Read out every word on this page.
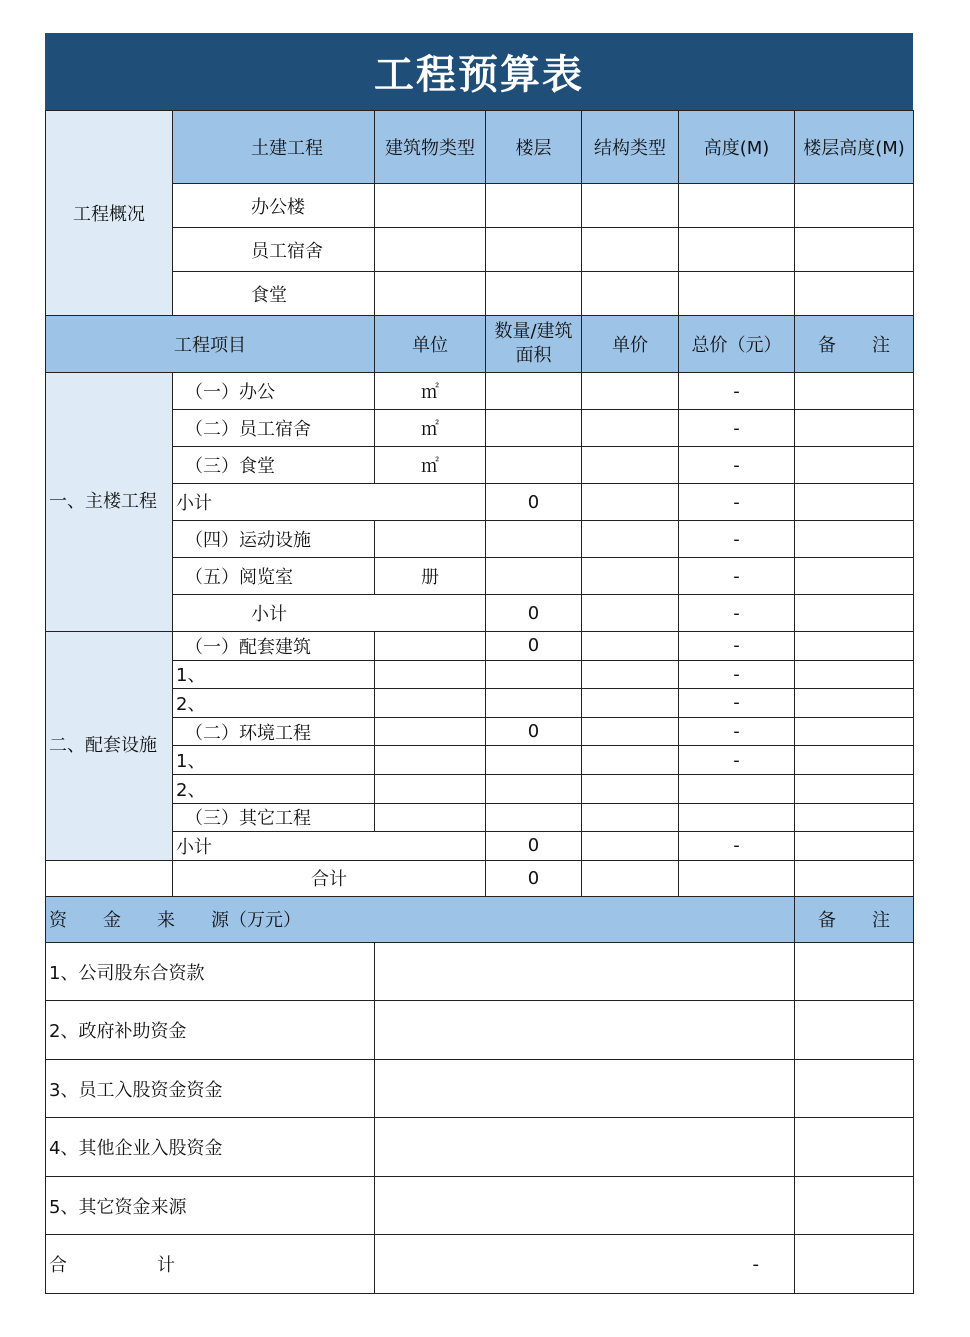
工程预算表
工程概况	土建工程	建筑物类型	楼层	结构类型	高度(M)	楼层高度(M)
	办公楼					
	员工宿舍					
	食堂					
工程项目		单位	数量/建筑面积	单价	总价（元）	备　　注
一、主楼工程	（一）办公	㎡			-	
	（二）员工宿舍	㎡			-	
	（三）食堂	㎡			-	
	小计		0		-	
	（四）运动设施				-	
	（五）阅览室	册			-	
	小计		0		-	
二、配套设施	（一）配套建筑		0		-	
	1、				-	
	2、				-	
	（二）环境工程		0		-	
	1、				-	
	2、					
	（三）其它工程					
	小计		0		-	
	合计		0			
资　　金　　来　　源（万元）						备　　注
1、公司股东合资款						
2、政府补助资金						
3、员工入股资金资金						
4、其他企业入股资金						
5、其它资金来源						
合　　　　　计		-				
